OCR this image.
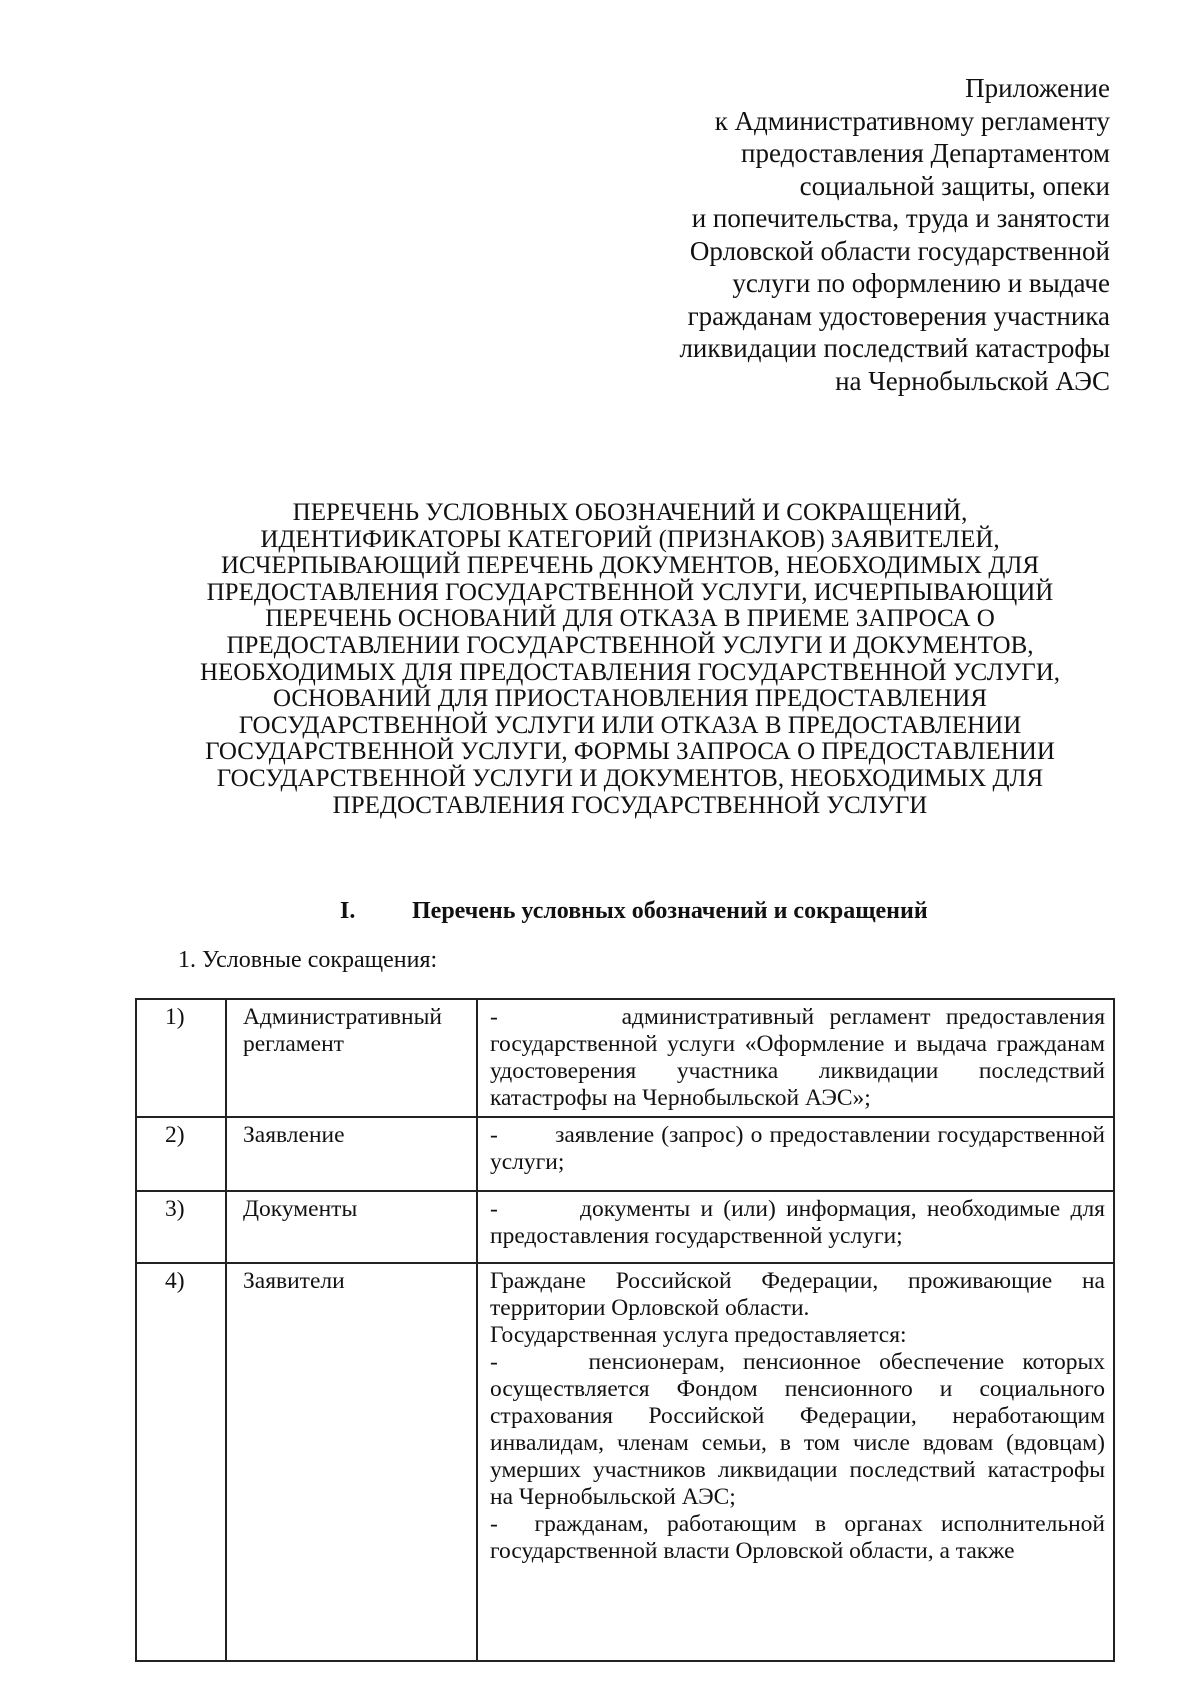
Приложение
к Административному регламенту
предоставления Департаментом
социальной защиты, опеки
и попечительства, труда и занятости
Орловской области государственной
услуги по оформлению и выдаче
гражданам удостоверения участника
ликвидации последствий катастрофы
на Чернобыльской АЭС
ПЕРЕЧЕНЬ УСЛОВНЫХ ОБОЗНАЧЕНИЙ И СОКРАЩЕНИЙ,
ИДЕНТИФИКАТОРЫ КАТЕГОРИЙ (ПРИЗНАКОВ) ЗАЯВИТЕЛЕЙ,
ИСЧЕРПЫВАЮЩИЙ ПЕРЕЧЕНЬ ДОКУМЕНТОВ, НЕОБХОДИМЫХ ДЛЯ
ПРЕДОСТАВЛЕНИЯ ГОСУДАРСТВЕННОЙ УСЛУГИ, ИСЧЕРПЫВАЮЩИЙ
ПЕРЕЧЕНЬ ОСНОВАНИЙ ДЛЯ ОТКАЗА В ПРИЕМЕ ЗАПРОСА О
ПРЕДОСТАВЛЕНИИ ГОСУДАРСТВЕННОЙ УСЛУГИ И ДОКУМЕНТОВ,
НЕОБХОДИМЫХ ДЛЯ ПРЕДОСТАВЛЕНИЯ ГОСУДАРСТВЕННОЙ УСЛУГИ,
ОСНОВАНИЙ ДЛЯ ПРИОСТАНОВЛЕНИЯ ПРЕДОСТАВЛЕНИЯ
ГОСУДАРСТВЕННОЙ УСЛУГИ ИЛИ ОТКАЗА В ПРЕДОСТАВЛЕНИИ
ГОСУДАРСТВЕННОЙ УСЛУГИ, ФОРМЫ ЗАПРОСА О ПРЕДОСТАВЛЕНИИ
ГОСУДАРСТВЕННОЙ УСЛУГИ И ДОКУМЕНТОВ, НЕОБХОДИМЫХ ДЛЯ
ПРЕДОСТАВЛЕНИЯ ГОСУДАРСТВЕННОЙ УСЛУГИ
I. Перечень условных обозначений и сокращений
1. Условные сокращения:
1)	Административный регламент	-        административный регламент предоставления государственной услуги «Оформление и выдача гражданам удостоверения участника ликвидации последствий катастрофы на Чернобыльской АЭС»;

2)	Заявление	-        заявление (запрос) о предоставлении государственной услуги;

3)	Документы	-        документы и (или) информация, необходимые для предоставления государственной услуги;

4)	Заявители	Граждане Российской Федерации, проживающие на территории Орловской области.

Государственная услуга предоставляется:

-     пенсионерам, пенсионное обеспечение которых осуществляется Фондом пенсионного и социального страхования Российской Федерации, неработающим инвалидам, членам семьи, в том числе вдовам (вдовцам) умерших участников ликвидации последствий катастрофы на Чернобыльской АЭС;

-  гражданам, работающим в органах исполнительной государственной власти Орловской области, а также
